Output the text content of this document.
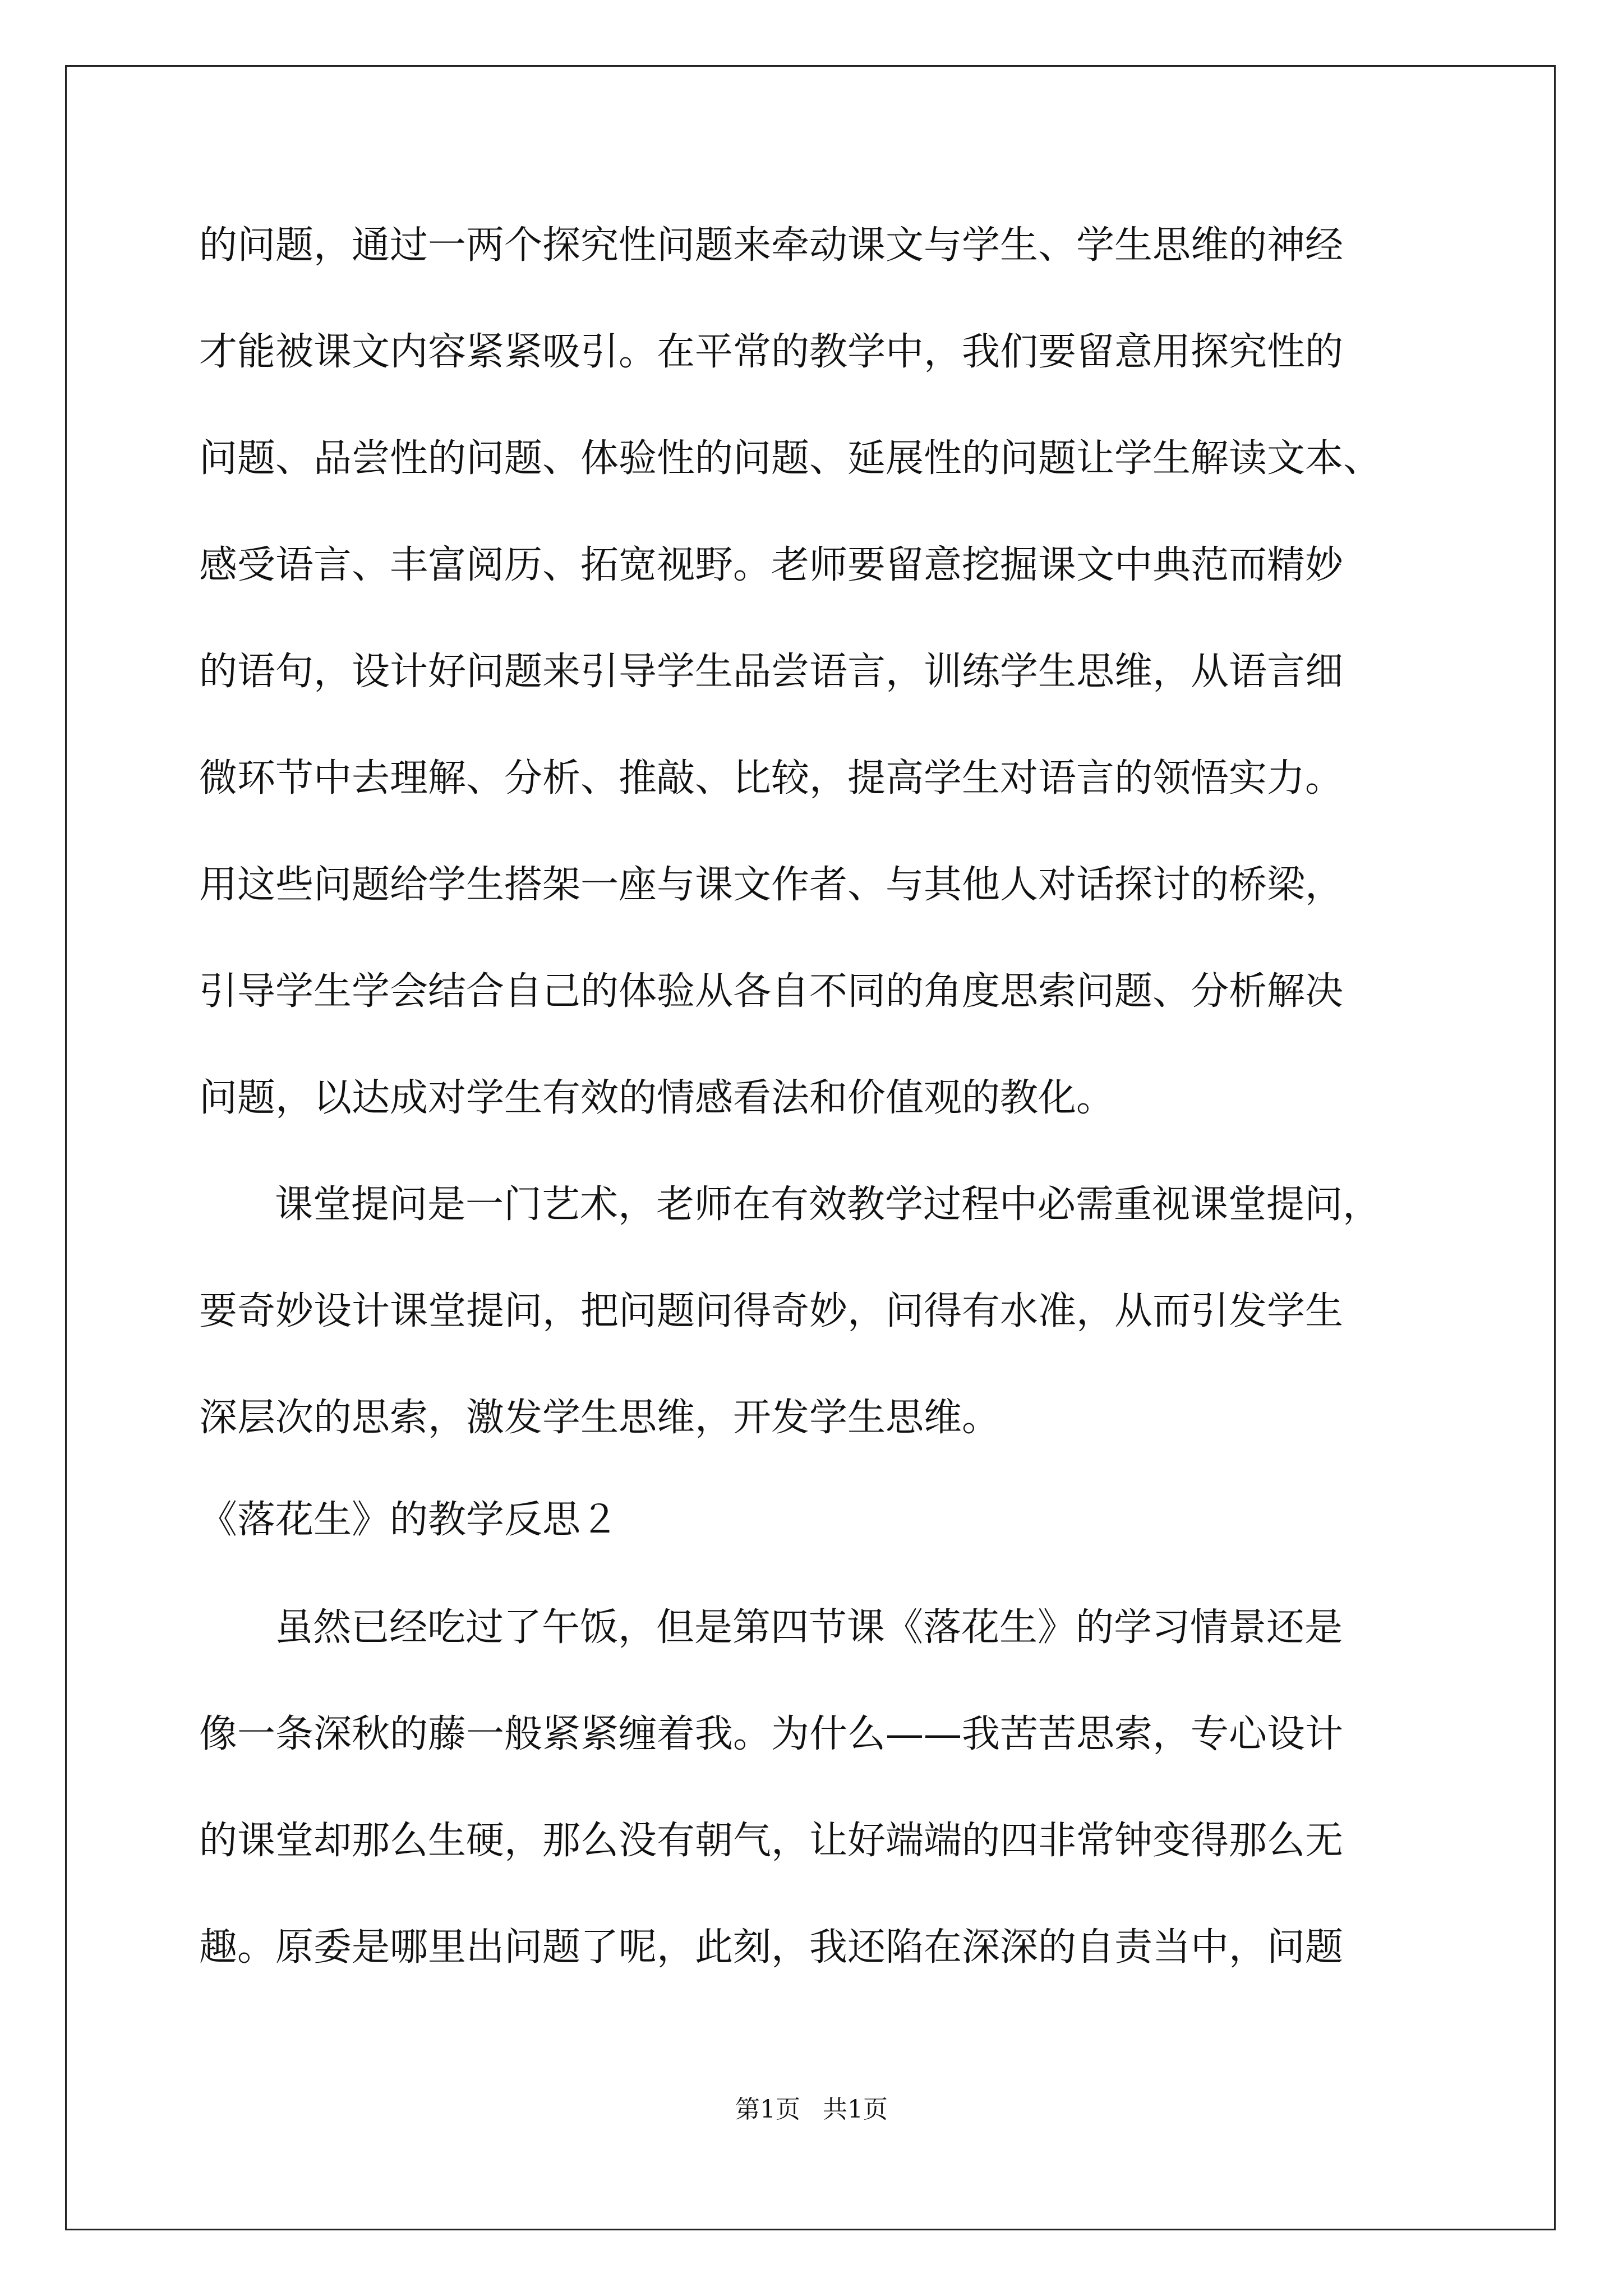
的问题，通过一两个探究性问题来牵动课文与学生、学生思维的神经
才能被课文内容紧紧吸引。在平常的教学中，我们要留意用探究性的
问题、品尝性的问题、体验性的问题、延展性的问题让学生解读文本、
感受语言、丰富阅历、拓宽视野。老师要留意挖掘课文中典范而精妙
的语句，设计好问题来引导学生品尝语言，训练学生思维，从语言细
微环节中去理解、分析、推敲、比较，提高学生对语言的领悟实力。
用这些问题给学生搭架一座与课文作者、与其他人对话探讨的桥梁，
引导学生学会结合自己的体验从各自不同的角度思索问题、分析解决
问题，以达成对学生有效的情感看法和价值观的教化。
课堂提问是一门艺术，老师在有效教学过程中必需重视课堂提问，
要奇妙设计课堂提问，把问题问得奇妙，问得有水准，从而引发学生
深层次的思索，激发学生思维，开发学生思维。
《落花生》的教学反思２
虽然已经吃过了午饭，但是第四节课《落花生》的学习情景还是
像一条深秋的藤一般紧紧缠着我。为什么——我苦苦思索，专心设计
的课堂却那么生硬，那么没有朝气，让好端端的四非常钟变得那么无
趣。原委是哪里出问题了呢，此刻，我还陷在深深的自责当中，问题
第1页 共1页
